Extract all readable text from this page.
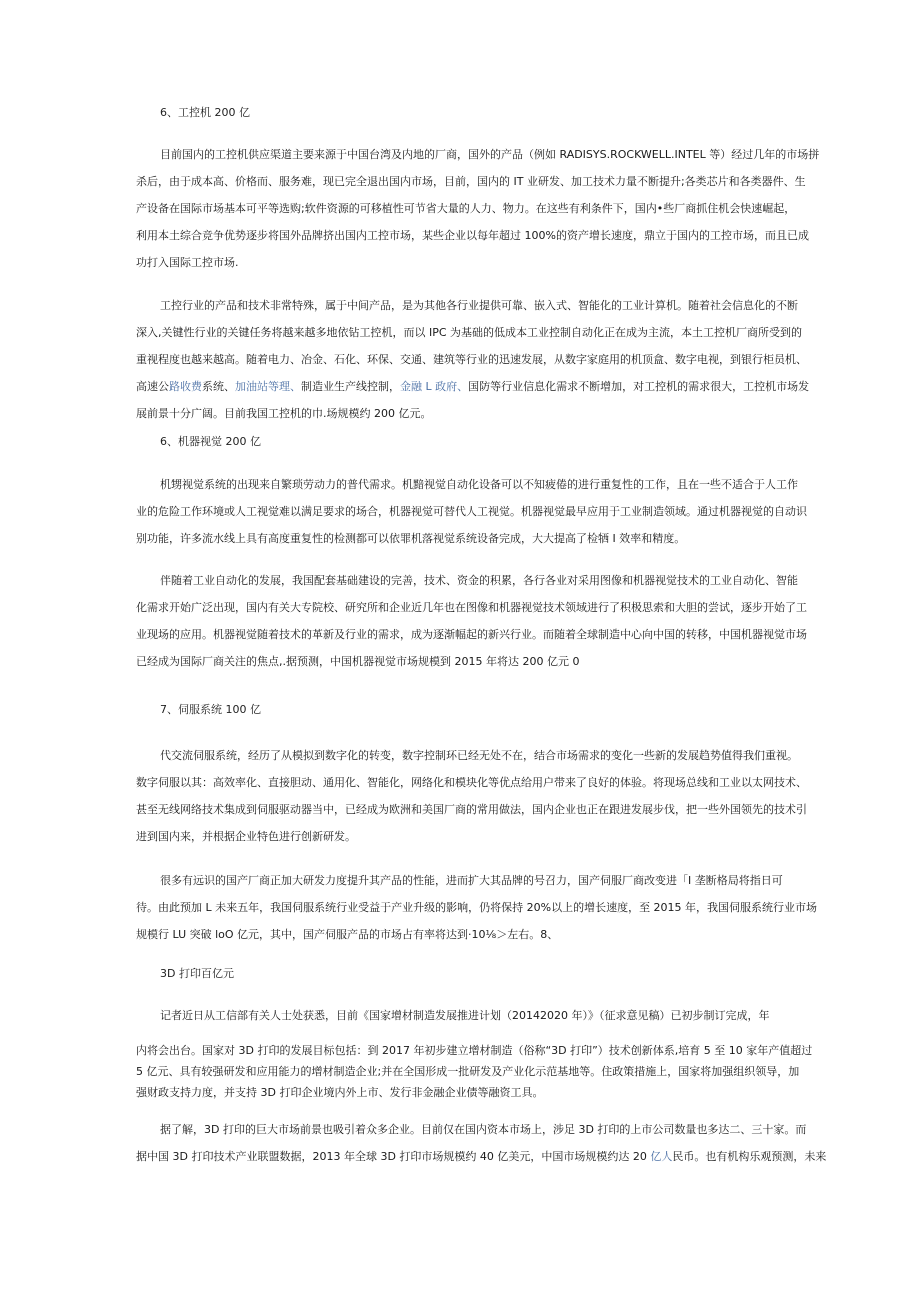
6、工控机 200 亿
目前国内的工控机供应渠道主要来源于中国台湾及内地的厂商，国外的产品（例如 RADISYS.ROCKWELL.INTEL 等）经过几年的市场拼
杀后，由于成本高、价格而、服务难，现已完全退出国内市场，目前，国内的 IT 业研发、加工技术力量不断提升;各类芯片和各类器件、生
产设备在国际市场基本可平等选购;软件资源的可移植性可节省大量的人力、物力。在这些有利条件下，国内•些厂商抓住机会快速崛起，
利用本土综合竞争优势逐步将国外品牌挤出国内工控市场，某些企业以每年超过 100%的资产增长速度，鼎立于国内的工控市场，而且已成
功打入国际工控市场.
工控行业的产品和技术非常特殊，属于中间产品，是为其他各行业提供可靠、嵌入式、智能化的工业计算机。随着社会信息化的不断
深入,关键性行业的关键任务将越来越多地依钻工控机，而以 IPC 为基础的低成本工业控制自动化正在成为主流，本土工控机厂商所受到的
重视程度也越来越高。随着电力、冶金、石化、环保、交通、建筑等行业的迅速发展，从数字家庭用的机顶盒、数字电视，到银行柜员机、
高速公路收费系统、加油站等理、制造业生产线控制，金融 L 政府、国防等行业信息化需求不断增加，对工控机的需求很大，工控机市场发
展前景十分广阔。目前我国工控机的巾.场规模约 200 亿元。
6、机器视觉 200 亿
机甥视觉系统的出现来自繁琐劳动力的普代需求。机黯视觉自动化设备可以不知疲倦的进行重复性的工作，且在一些不适合于人工作
业的危险工作环境或人工视觉难以满足要求的场合，机器视觉可替代人工视觉。机器视觉最早应用于工业制造领域。通过机器视觉的自动识
别功能，许多流水线上具有高度重复性的检测都可以依罪机落视觉系统设备完成，大大提高了检牺 I 效率和精度。
伴随着工业自动化的发展，我国配套基础建设的完善，技术、资金的积累，各行各业对采用图像和机器视觉技术的工业自动化、智能
化需求开始广泛出现，国内有关大专院校、研究所和企业近几年也在图像和机器视觉技术领域进行了积极思索和大胆的尝试，逐步开始了工
业现场的应用。机器视觉随着技术的革新及行业的需求，成为逐渐幅起的新兴行业。而随着全球制造中心向中国的转移，中国机器视觉市场
已经成为国际厂商关注的焦点,.据预测，中国机器视觉市场规模到 2015 年将达 200 亿元 0
7、伺服系统 100 亿
代交流伺服系统，经历了从模拟到数字化的转变，数字控制环已经无处不在，结合市场需求的变化一些新的发展趋势值得我们重视。
数字伺服以其：高效率化、直接胆动、通用化、智能化，网络化和模块化等优点给用户带来了良好的体验。将现场总线和工业以太网技术、
甚至无线网络技术集成到伺服驱动器当中，已经成为欧洲和美国厂商的常用做法，国内企业也正在跟进发展步伐，把一些外国领先的技术引
进到国内来，并根据企业特色进行创新研发。
很多有远识的国产厂商正加大研发力度提升其产品的性能，进而扩大其品牌的号召力，国产伺服厂商改变进「I 垄断格局将指日可
待。由此预加 L 未来五年，我国伺服系统行业受益于产业升级的影响，仍将保持 20%以上的增长速度，至 2015 年，我国伺服系统行业市场
规模行 LU 突破 loO 亿元，其中，国产伺服产品的市场占有率将达到·10⅛＞左右。8、
3D 打印百亿元
记者近日从工信部有关人士处获悉，目前《国家增材制造发展推进计划（20142020 年）》（征求意见稿）已初步制订完成，年
内将会出台。国家对 3D 打印的发展目标包括：到 2017 年初步建立增材制造（俗称“3D 打印”）技术创新体系,培育 5 至 10 家年产值超过
5 亿元、具有较强研发和应用能力的增材制造企业;并在全国形成一批研发及产业化示范基地等。住政策措施上，国家将加强组织领导，加
强财政支持力度，并支持 3D 打印企业境内外上市、发行非金融企业债等融资工具。
据了解，3D 打印的巨大市场前景也吸引着众多企业。目前仅在国内资本市场上，涉足 3D 打印的上市公司数量也多达二、三十家。而
据中国 3D 打印技术产业联盟数据，2013 年全球 3D 打印市场规模约 40 亿美元，中国市场规模约达 20 亿人民币。也有机构乐观预测，未来
